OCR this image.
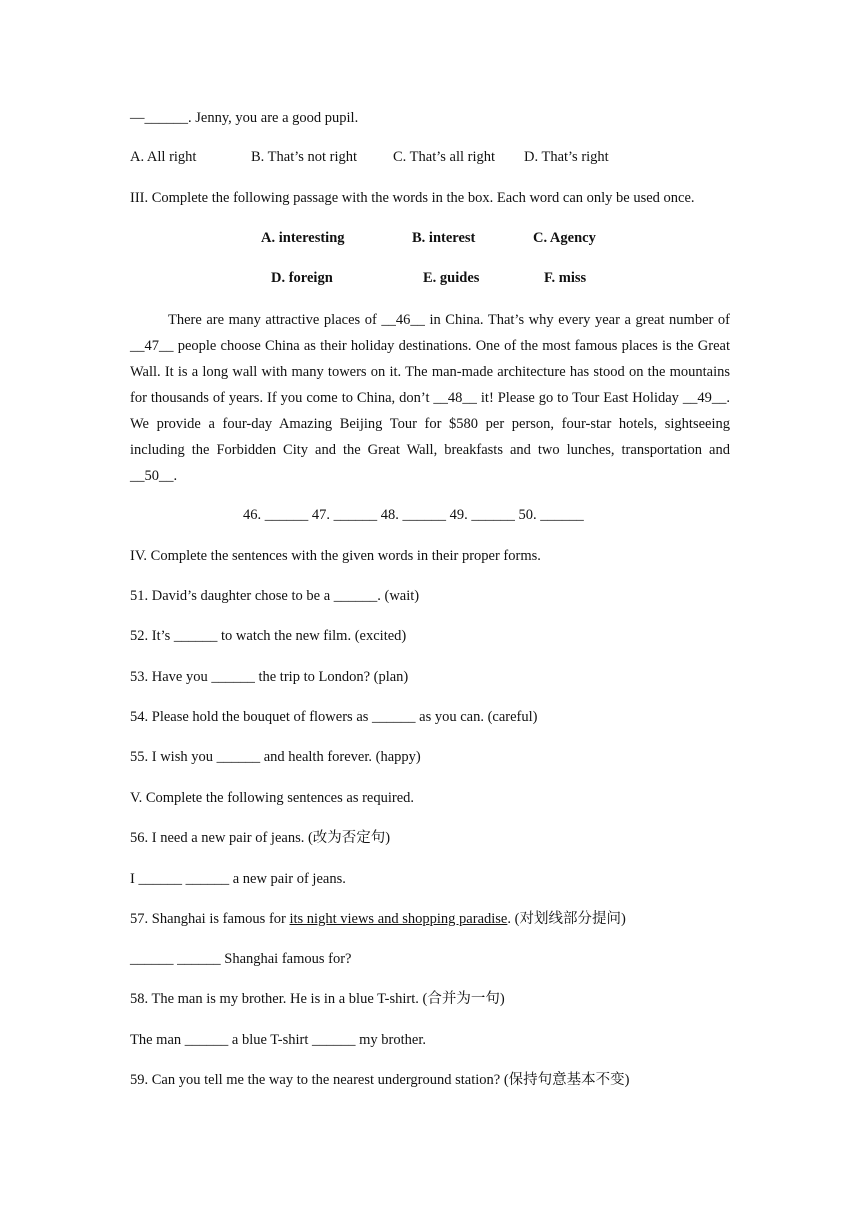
—______. Jenny, you are a good pupil.
A. All right	B. That’s not right C. That’s all right D. That’s right
III. Complete the following passage with the words in the box. Each word can only be used once.
A. interesting	B. interest	C. Agency
D. foreign	E. guides	F. miss

There are many attractive places of __46__ in China. That’s why every year a great number of __47__ people choose China as their holiday destinations. One of the most famous places is the Great Wall. It is a long wall with many towers on it. The man-made architecture has stood on the mountains for thousands of years. If you come to China, don’t __48__ it! Please go to Tour East Holiday __49__. We provide a four-day Amazing Beijing Tour for $580 per person, four-star hotels, sightseeing including the Forbidden City and the Great Wall, breakfasts and two lunches, transportation and __50__.

46. ______ 47. ______ 48. ______ 49. ______ 50. ______
IV. Complete the sentences with the given words in their proper forms.
51. David’s daughter chose to be a ______. (wait)
52. It’s ______ to watch the new film. (excited)
53. Have you ______ the trip to London? (plan)
54. Please hold the bouquet of flowers as ______ as you can. (careful)
55. I wish you ______ and health forever. (happy)
V. Complete the following sentences as required.
56. I need a new pair of jeans. (改为否定句)
I ______ ______ a new pair of jeans.
57. Shanghai is famous for its night views and shopping paradise. (对划线部分提问)
______ ______ Shanghai famous for?
58. The man is my brother. He is in a blue T-shirt. (合并为一句)
The man ______ a blue T-shirt ______ my brother.
59. Can you tell me the way to the nearest underground station? (保持句意基本不变)
